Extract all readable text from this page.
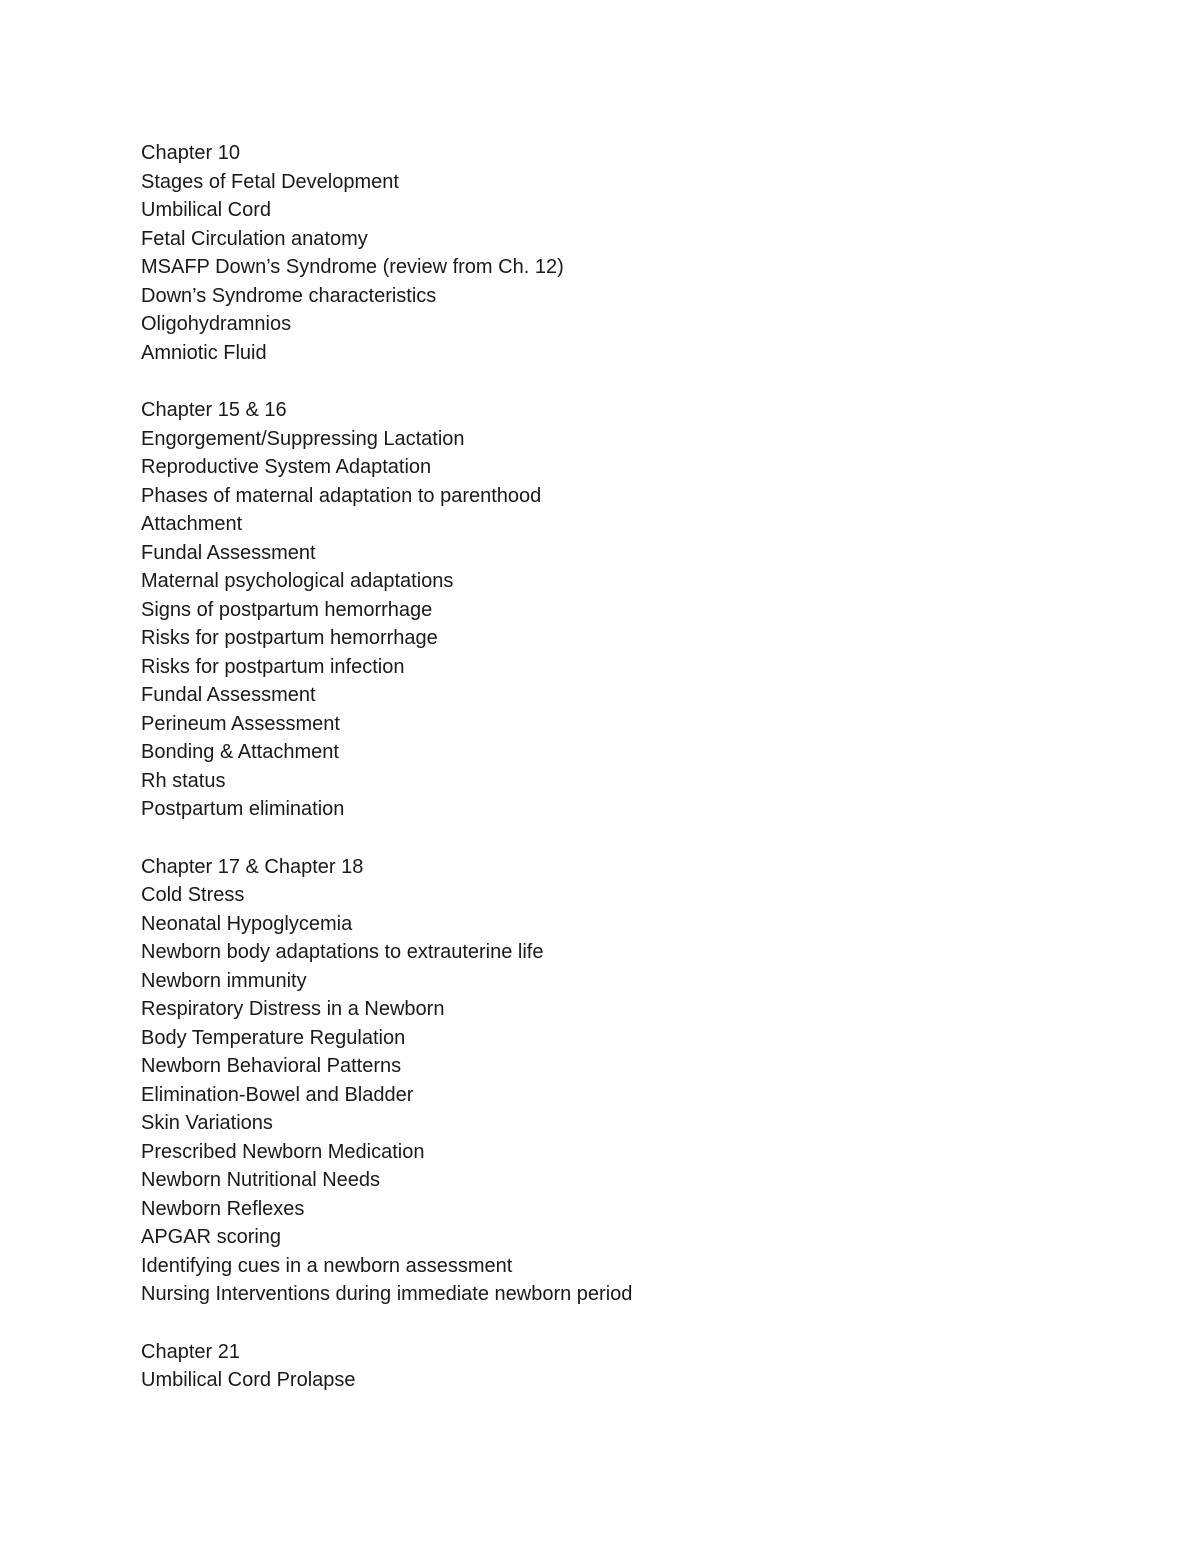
Chapter 10
Stages of Fetal Development
Umbilical Cord
Fetal Circulation anatomy
MSAFP Down’s Syndrome (review from Ch. 12)
Down’s Syndrome characteristics
Oligohydramnios
Amniotic Fluid
Chapter 15 & 16
Engorgement/Suppressing Lactation
Reproductive System Adaptation
Phases of maternal adaptation to parenthood
Attachment
Fundal Assessment
Maternal psychological adaptations
Signs of postpartum hemorrhage
Risks for postpartum hemorrhage
Risks for postpartum infection
Fundal Assessment
Perineum Assessment
Bonding & Attachment
Rh status
Postpartum elimination
Chapter 17 & Chapter 18
Cold Stress
Neonatal Hypoglycemia
Newborn body adaptations to extrauterine life
Newborn immunity
Respiratory Distress in a Newborn
Body Temperature Regulation
Newborn Behavioral Patterns
Elimination-Bowel and Bladder
Skin Variations
Prescribed Newborn Medication
Newborn Nutritional Needs
Newborn Reflexes
APGAR scoring
Identifying cues in a newborn assessment
Nursing Interventions during immediate newborn period
Chapter 21
Umbilical Cord Prolapse
